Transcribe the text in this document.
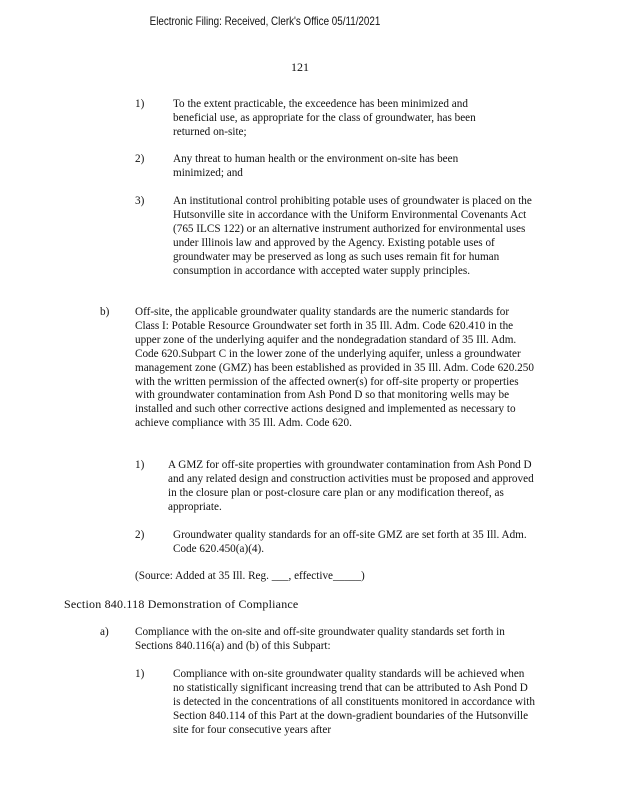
Electronic Filing: Received, Clerk's Office 05/11/2021
121
1)	To the extent practicable, the exceedence has been minimized and beneficial use, as appropriate for the class of groundwater, has been returned on-site;
2)	Any threat to human health or the environment on-site has been minimized; and
3)	An institutional control prohibiting potable uses of groundwater is placed on the Hutsonville site in accordance with the Uniform Environmental Covenants Act (765 ILCS 122) or an alternative instrument authorized for environmental uses under Illinois law and approved by the Agency. Existing potable uses of groundwater may be preserved as long as such uses remain fit for human consumption in accordance with accepted water supply principles.
b) Off-site, the applicable groundwater quality standards are the numeric standards for Class I: Potable Resource Groundwater set forth in 35 Ill. Adm. Code 620.410 in the upper zone of the underlying aquifer and the nondegradation standard of 35 Ill. Adm. Code 620.Subpart C in the lower zone of the underlying aquifer, unless a groundwater management zone (GMZ) has been established as provided in 35 Ill. Adm. Code 620.250 with the written permission of the affected owner(s) for off-site property or properties with groundwater contamination from Ash Pond D so that monitoring wells may be installed and such other corrective actions designed and implemented as necessary to achieve compliance with 35 Ill. Adm. Code 620.
1) A GMZ for off-site properties with groundwater contamination from Ash Pond D and any related design and construction activities must be proposed and approved in the closure plan or post-closure care plan or any modification thereof, as appropriate.
2)	Groundwater quality standards for an off-site GMZ are set forth at 35 Ill. Adm. Code 620.450(a)(4).
(Source: Added at 35 Ill. Reg. ___, effective_____)
Section 840.118 Demonstration of Compliance
a) Compliance with the on-site and off-site groundwater quality standards set forth in Sections 840.116(a) and (b) of this Subpart:
1)	Compliance with on-site groundwater quality standards will be achieved when no statistically significant increasing trend that can be attributed to Ash Pond D is detected in the concentrations of all constituents monitored in accordance with Section 840.114 of this Part at the down-gradient boundaries of the Hutsonville site for four consecutive years after
